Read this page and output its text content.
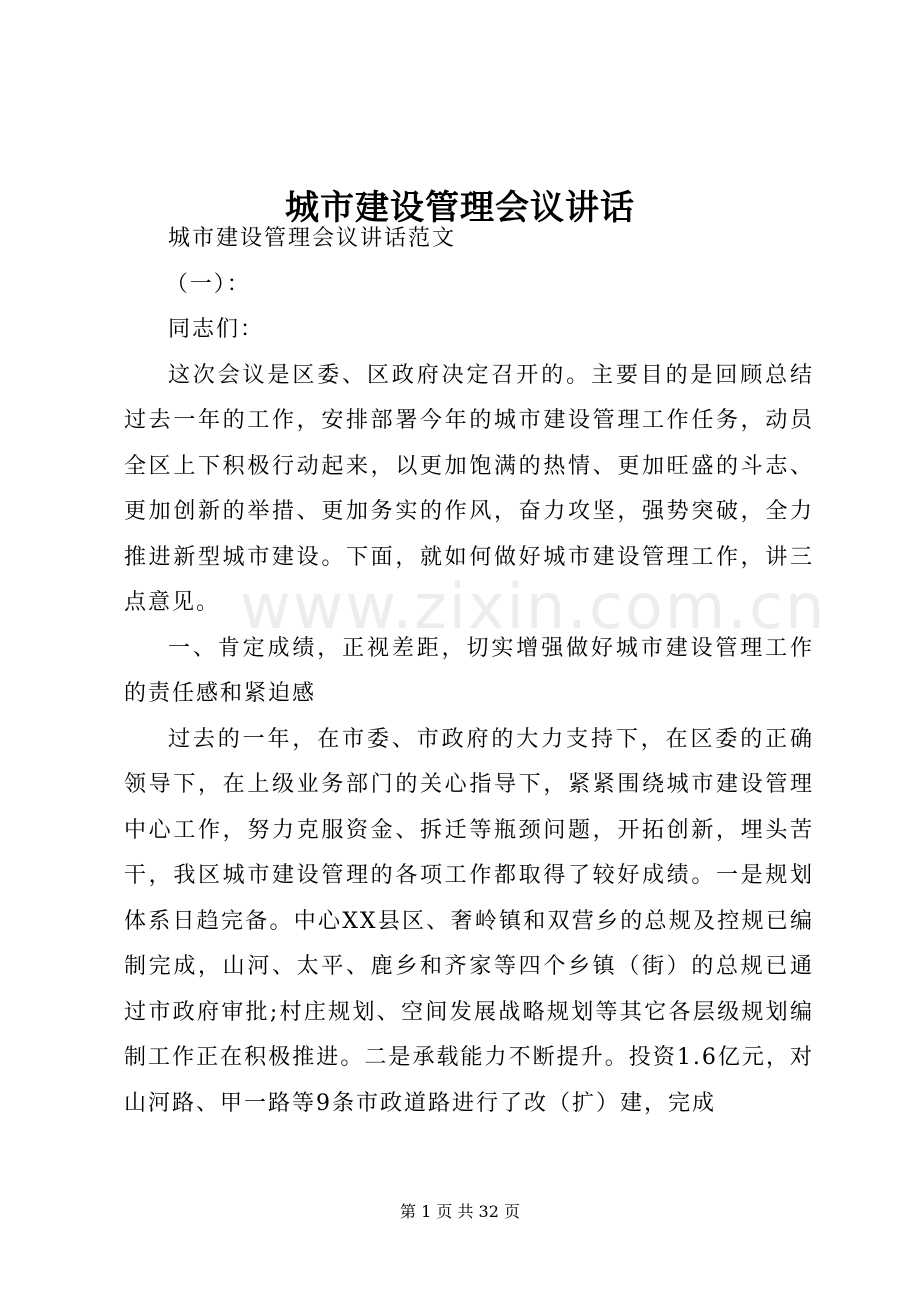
www.zixin.com.cn
城市建设管理会议讲话

城市建设管理会议讲话范文

（一）：

同志们：

这次会议是区委、区政府决定召开的。主要目的是回顾总结过去一年的工作，安排部署今年的城市建设管理工作任务，动员全区上下积极行动起来，以更加饱满的热情、更加旺盛的斗志、更加创新的举措、更加务实的作风，奋力攻坚，强势突破，全力推进新型城市建设。下面，就如何做好城市建设管理工作，讲三点意见。

一、肯定成绩，正视差距，切实增强做好城市建设管理工作的责任感和紧迫感

过去的一年，在市委、市政府的大力支持下，在区委的正确领导下，在上级业务部门的关心指导下，紧紧围绕城市建设管理中心工作，努力克服资金、拆迁等瓶颈问题，开拓创新，埋头苦干，我区城市建设管理的各项工作都取得了较好成绩。一是规划体系日趋完备。中心XX县区、奢岭镇和双营乡的总规及控规已编制完成，山河、太平、鹿乡和齐家等四个乡镇（街）的总规已通过市政府审批;村庄规划、空间发展战略规划等其它各层级规划编制工作正在积极推进。二是承载能力不断提升。投资1.6亿元，对山河路、甲一路等9条市政道路进行了改（扩）建，完成

第 1 页 共 32 页
